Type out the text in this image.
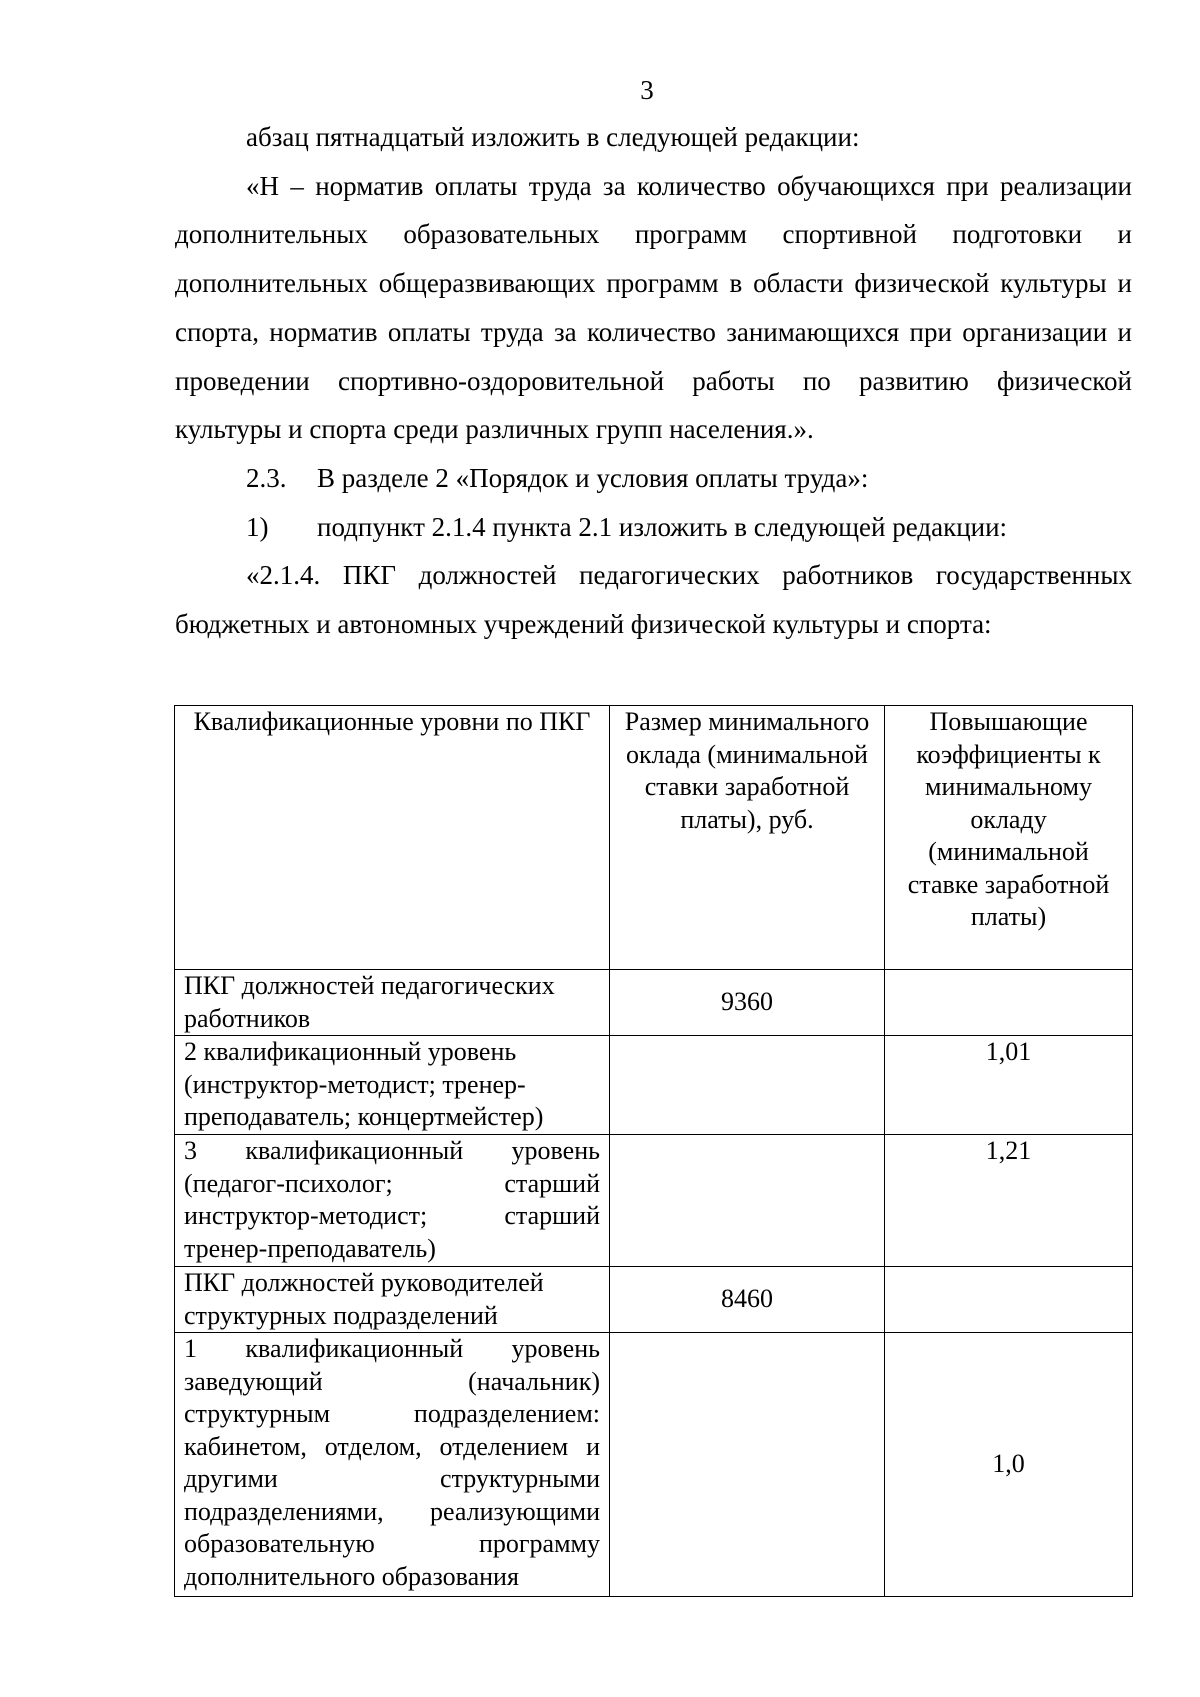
3

абзац пятнадцатый изложить в следующей редакции:

«Н – норматив оплаты труда за количество обучающихся при реализации дополнительных образовательных программ спортивной подготовки и дополнительных общеразвивающих программ в области физической культуры и спорта, норматив оплаты труда за количество занимающихся при организации и проведении спортивно-оздоровительной работы по развитию физической культуры и спорта среди различных групп населения.».

2.3. В разделе 2 «Порядок и условия оплаты труда»:

1) подпункт 2.1.4 пункта 2.1 изложить в следующей редакции:

«2.1.4. ПКГ должностей педагогических работников государственных бюджетных и автономных учреждений физической культуры и спорта:

Квалификационные уровни по ПКГ	Размер минимального оклада (минимальной ставки заработной платы), руб.	Повышающие коэффициенты к минимальному окладу (минимальной ставке заработной платы)
ПКГ должностей педагогических работников	9360	
2 квалификационный уровень (инструктор-методист; тренер-преподаватель; концертмейстер)		1,01
3 квалификационный уровень (педагог-психолог; старший инструктор-методист; старший тренер-преподаватель)		1,21
ПКГ должностей руководителей структурных подразделений	8460	
1 квалификационный уровень заведующий (начальник) структурным подразделением: кабинетом, отделом, отделением и другими структурными подразделениями, реализующими образовательную программу дополнительного образования		1,0
